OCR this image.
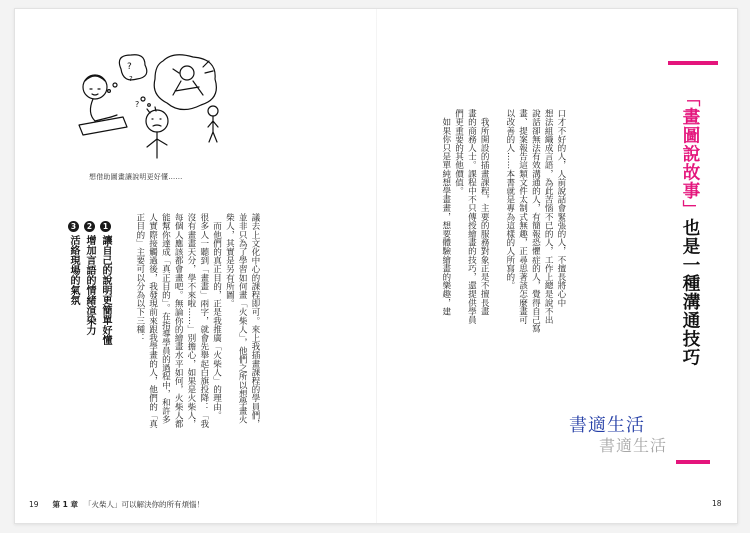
?
?
?
想借助圖畫讓說明更好懂……
議去上文化中心的課程即可。來上我插畫課程的學員們，
並非只為了學習如何畫「火柴人」，他們之所以想學畫火
柴人，其實是另有所圖。
　而他們的真正目的，正是我推廣「火柴人」的理由。
很多人一聽到「畫畫」兩字，就會先舉起白旗投降：「我
沒有畫畫天分，學不來啦……」別擔心，如果是火柴人，
每個人應該都會畫吧。無論你的繪畫水平如何，火柴人都
能幫你達成「真正目的」。在指導學員的過程中，和許多
人實際接觸過後，我發現前來跟我學畫的人，他們的「真
正目的」主要可以分為以下三種：
1讓自己的說明更簡單好懂
2增加言語的情緒渲染力
3活絡現場的氣氛
「畫圖說故事」也是一種溝通技巧
口才不好的人，人前說話會緊張的人，不擅長將心中
想法組織成言語，為此苦惱不已的人，工作上總是說不出
說話卻無法有效溝通的人，有簡報恐懼症的人，覺得自己寫
畫、提案報告這類文件太制式無趣，正尋思著該怎麼畫可
以改善的人……本書就是專為這樣的人所寫的。

　我所開設的插畫課程，主要的服務對象正是不擅長畫
畫的商務人士。課程中不只傳授繪畫的技巧，還提供學員
們更重要的其他價值。
　如果你只是單純想學畫畫，想要體驗繪畫的樂趣，建
書適生活
書適生活
19 第 1 章 「火柴人」可以解決你的所有煩惱！	18
